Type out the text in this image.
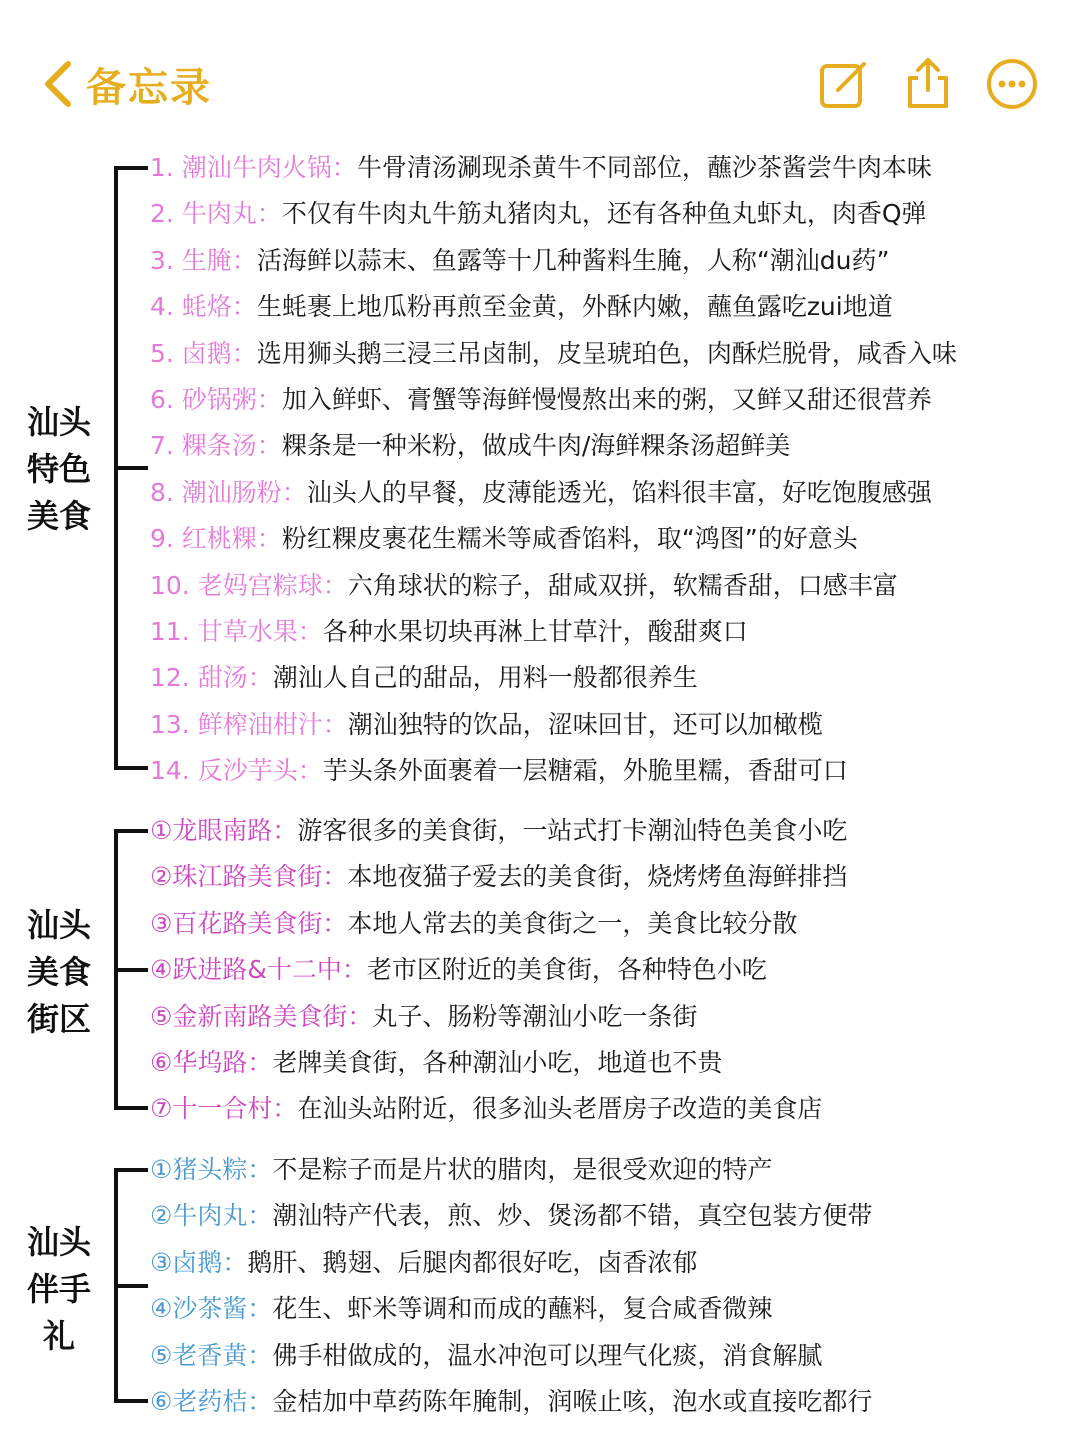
备忘录
汕头
特色
美食
1. 潮汕牛肉火锅：牛骨清汤涮现杀黄牛不同部位，蘸沙茶酱尝牛肉本味
2. 牛肉丸：不仅有牛肉丸牛筋丸猪肉丸，还有各种鱼丸虾丸，肉香Q弹
3. 生腌：活海鲜以蒜末、鱼露等十几种酱料生腌，人称“潮汕du药”
4. 蚝烙：生蚝裹上地瓜粉再煎至金黄，外酥内嫩，蘸鱼露吃zui地道
5. 卤鹅：选用狮头鹅三浸三吊卤制，皮呈琥珀色，肉酥烂脱骨，咸香入味
6. 砂锅粥：加入鲜虾、膏蟹等海鲜慢慢熬出来的粥，又鲜又甜还很营养
7. 粿条汤：粿条是一种米粉，做成牛肉/海鲜粿条汤超鲜美
8. 潮汕肠粉：汕头人的早餐，皮薄能透光，馅料很丰富，好吃饱腹感强
9. 红桃粿：粉红粿皮裹花生糯米等咸香馅料，取“鸿图”的好意头
10. 老妈宫粽球：六角球状的粽子，甜咸双拼，软糯香甜，口感丰富
11. 甘草水果：各种水果切块再淋上甘草汁，酸甜爽口
12. 甜汤：潮汕人自己的甜品，用料一般都很养生
13. 鲜榨油柑汁：潮汕独特的饮品，涩味回甘，还可以加橄榄
14. 反沙芋头：芋头条外面裹着一层糖霜，外脆里糯，香甜可口
汕头
美食
街区
①龙眼南路：游客很多的美食街，一站式打卡潮汕特色美食小吃
②珠江路美食街：本地夜猫子爱去的美食街，烧烤烤鱼海鲜排挡
③百花路美食街：本地人常去的美食街之一，美食比较分散
④跃进路&十二中：老市区附近的美食街，各种特色小吃
⑤金新南路美食街：丸子、肠粉等潮汕小吃一条街
⑥华坞路：老牌美食街，各种潮汕小吃，地道也不贵
⑦十一合村：在汕头站附近，很多汕头老厝房子改造的美食店
汕头
伴手
礼
①猪头粽：不是粽子而是片状的腊肉，是很受欢迎的特产
②牛肉丸：潮汕特产代表，煎、炒、煲汤都不错，真空包装方便带
③卤鹅：鹅肝、鹅翅、后腿肉都很好吃，卤香浓郁
④沙茶酱：花生、虾米等调和而成的蘸料，复合咸香微辣
⑤老香黄：佛手柑做成的，温水冲泡可以理气化痰，消食解腻
⑥老药桔：金桔加中草药陈年腌制，润喉止咳，泡水或直接吃都行
